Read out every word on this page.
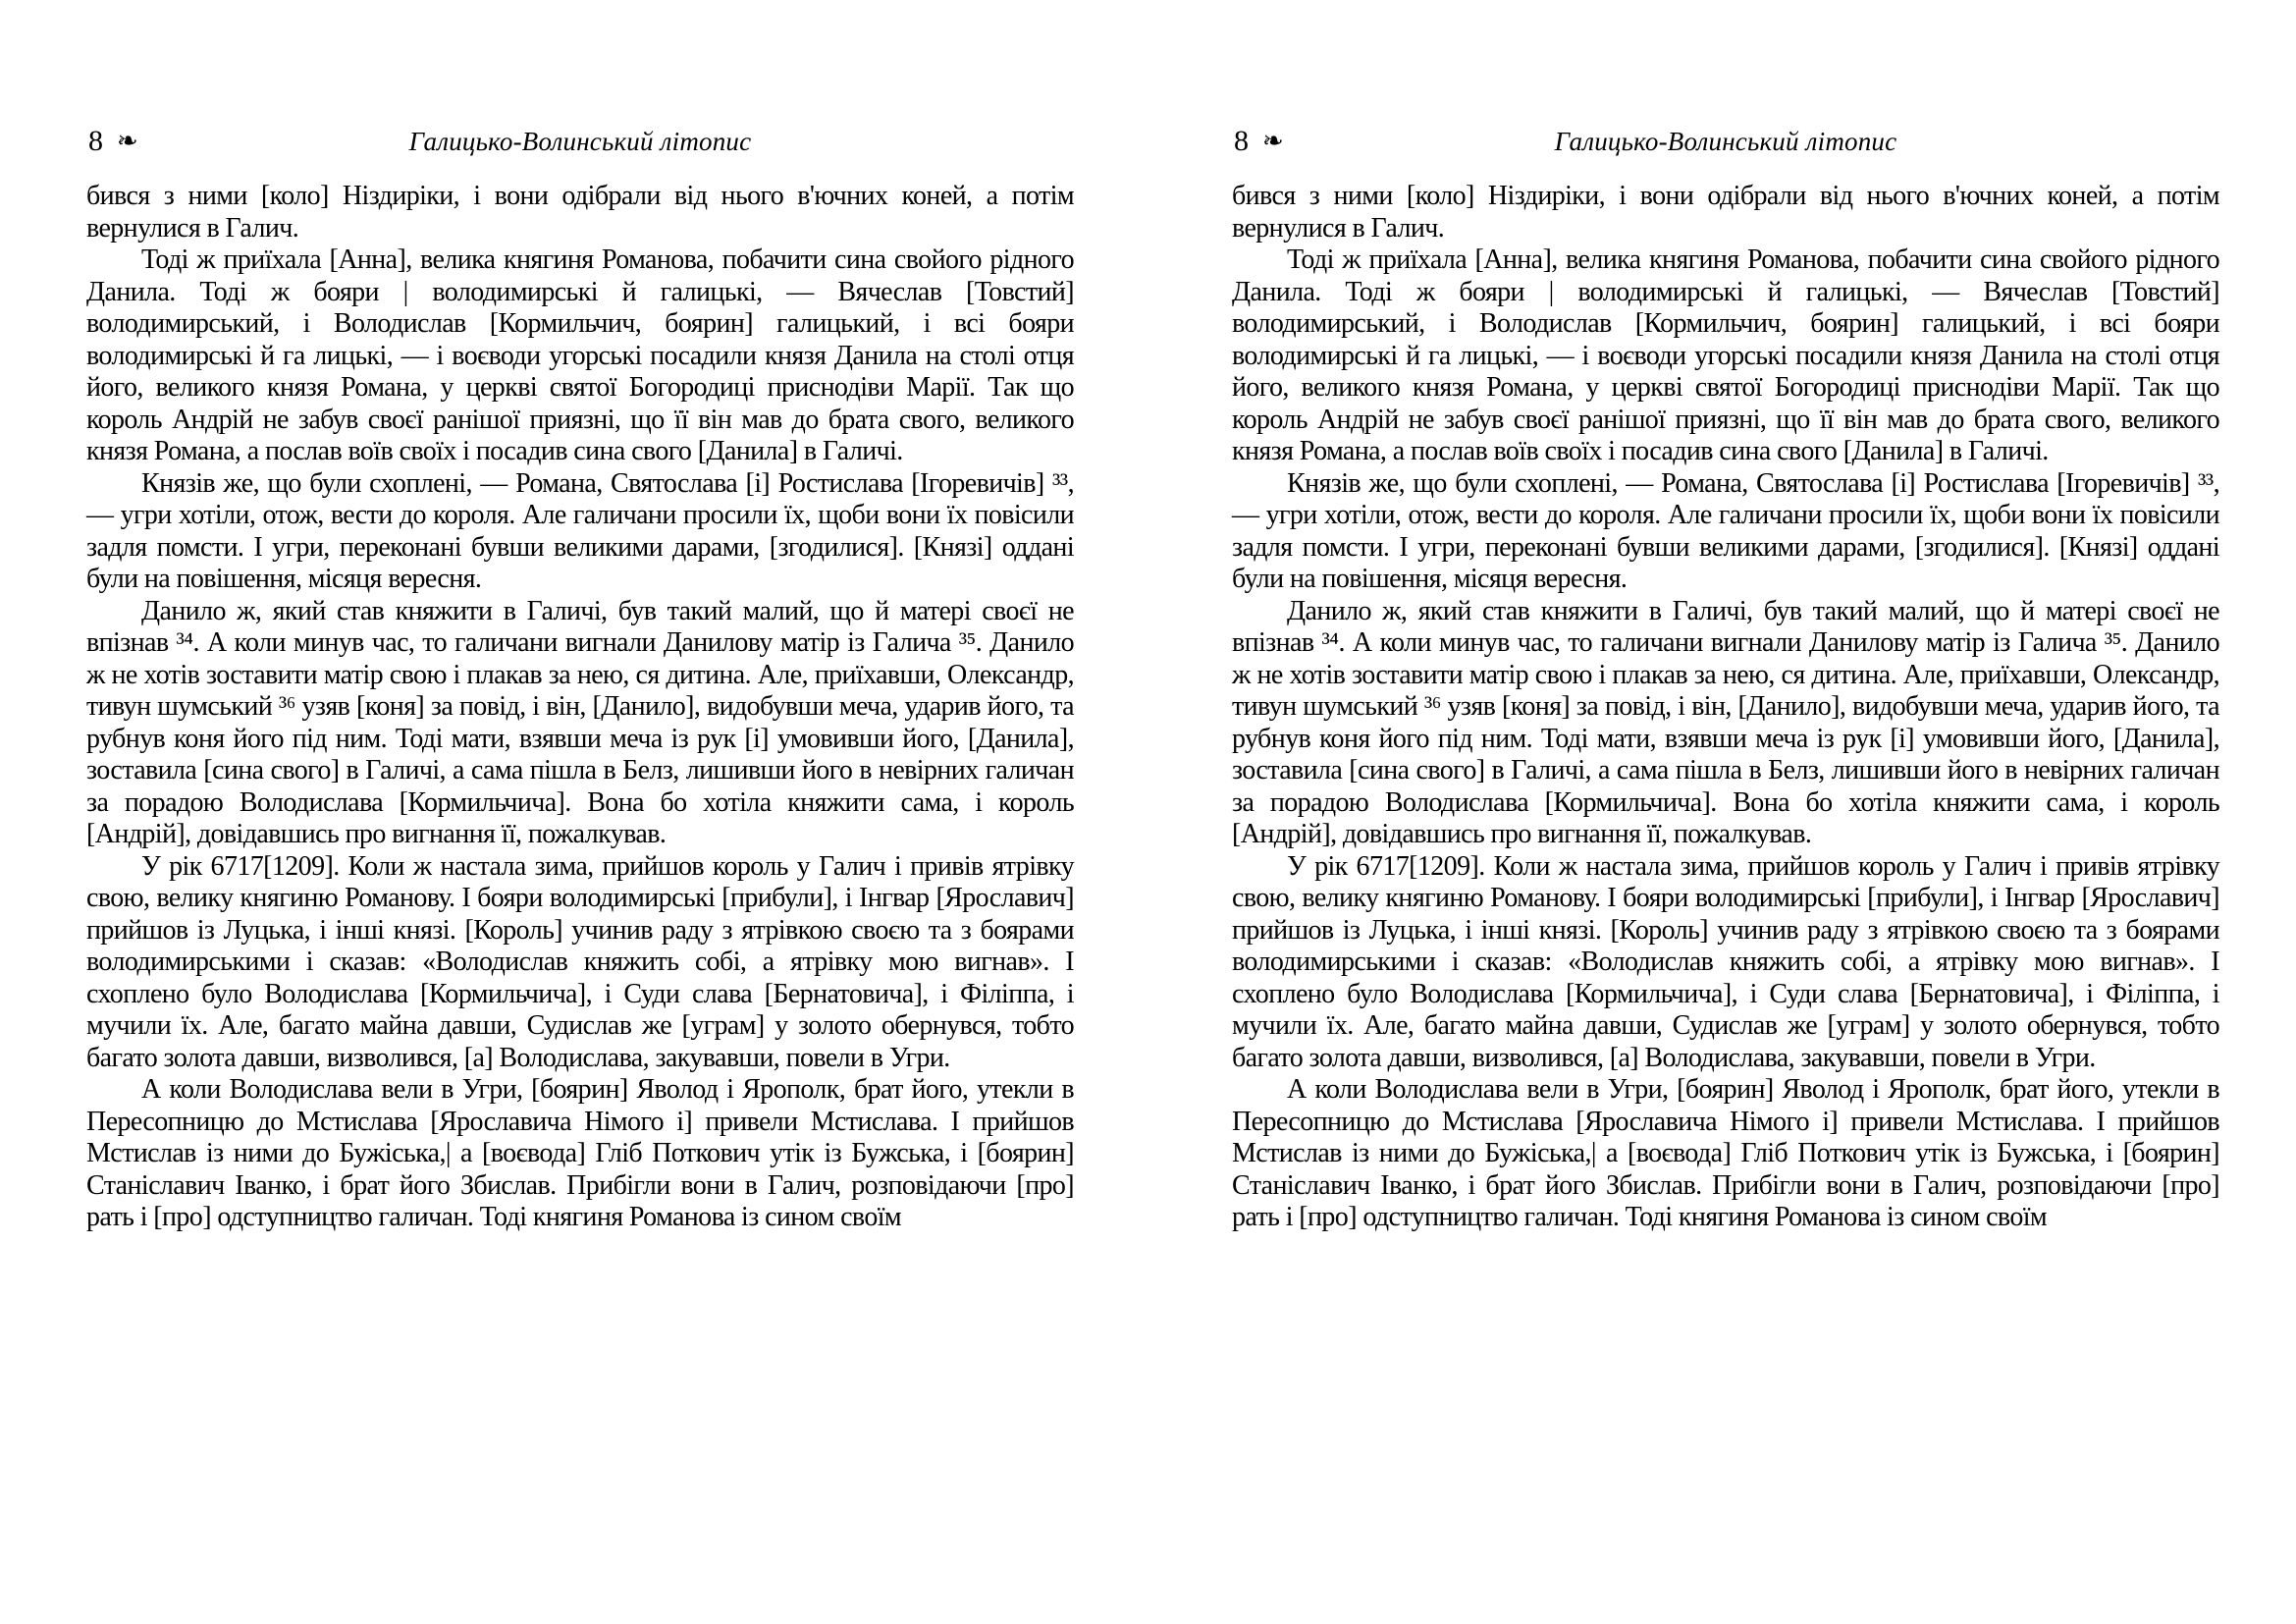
8 ❧	Галицько-Волинський літопис

бився з ними [коло] Ніздиріки, і вони одібрали від нього в'ючних коней, а потім вернулися в Галич.

Тоді ж приїхала [Анна], велика княгиня Романова, побачити сина свойого рідного Данила. Тоді ж бояри | володимирські й галицькі, — Вячеслав [Товстий] володимирський, і Володислав [Кормильчич, боярин] галицький, і всі бояри володимирські й га лицькі, — і воєводи угорські посадили князя Данила на столі отця його, великого князя Романа, у церкві святої Богородиці приснодіви Марії. Так що король Андрій не забув своєї ранішої приязні, що її він мав до брата свого, великого князя Романа, а послав воїв своїх і посадив сина свого [Данила] в Галичі.

Князів же, що були схоплені, — Романа, Святослава [і] Ростислава [Ігоревичів] ³³, — угри хотіли, отож, вести до короля. Але галичани просили їх, щоби вони їх повісили задля помсти. І угри, переконані бувши великими дарами, [згодилися]. [Князі] оддані були на повішення, місяця вересня.

Данило ж, який став княжити в Галичі, був такий малий, що й матері своєї не впізнав ³⁴. А коли минув час, то галичани вигнали Данилову матір із Галича ³⁵. Данило ж не хотів зоставити матір свою і плакав за нею, ся дитина. Але, приїхавши, Олександр, тивун шумський ³⁶ узяв [коня] за повід, і він, [Данило], видобувши меча, ударив його, та рубнув коня його під ним. Тоді мати, взявши меча із рук [і] умовивши його, [Данила], зоставила [сина свого] в Галичі, а сама пішла в Белз, лишивши його в невірних галичан за порадою Володислава [Кормильчича]. Вона бо хотіла княжити сама, і король [Андрій], довідавшись про вигнання її, пожалкував.

У рік 6717[1209]. Коли ж настала зима, прийшов король у Галич і привів ятрівку свою, велику княгиню Романову. І бояри володимирські [прибули], і Інгвар [Ярославич] прийшов із Луцька, і інші князі. [Король] учинив раду з ятрівкою своєю та з боярами володимирськими і сказав: «Володислав княжить собі, а ятрівку мою вигнав». І схоплено було Володислава [Кормильчича], і Суди слава [Бернатовича], і Філіппа, і мучили їх. Але, багато майна давши, Судислав же [уграм] у золото обернувся, тобто багато золота давши, визволився, [а] Володислава, закувавши, повели в Угри.

А коли Володислава вели в Угри, [боярин] Яволод і Ярополк, брат його, утекли в Пересопницю до Мстислава [Ярославича Німого і] привели Мстислава. І прийшов Мстислав із ними до Бужіська,| а [воєвода] Гліб Поткович утік із Бужська, і [боярин] Станіславич Іванко, і брат його Збислав. Прибігли вони в Галич, розповідаючи [про] рать і [про] одступництво галичан. Тоді княгиня Романова із сином своїм

8 ❧	Галицько-Волинський літопис

бився з ними [коло] Ніздиріки, і вони одібрали від нього в'ючних коней, а потім вернулися в Галич.

Тоді ж приїхала [Анна], велика княгиня Романова, побачити сина свойого рідного Данила. Тоді ж бояри | володимирські й галицькі, — Вячеслав [Товстий] володимирський, і Володислав [Кормильчич, боярин] галицький, і всі бояри володимирські й га лицькі, — і воєводи угорські посадили князя Данила на столі отця його, великого князя Романа, у церкві святої Богородиці приснодіви Марії. Так що король Андрій не забув своєї ранішої приязні, що її він мав до брата свого, великого князя Романа, а послав воїв своїх і посадив сина свого [Данила] в Галичі.

Князів же, що були схоплені, — Романа, Святослава [і] Ростислава [Ігоревичів] ³³, — угри хотіли, отож, вести до короля. Але галичани просили їх, щоби вони їх повісили задля помсти. І угри, переконані бувши великими дарами, [згодилися]. [Князі] оддані були на повішення, місяця вересня.

Данило ж, який став княжити в Галичі, був такий малий, що й матері своєї не впізнав ³⁴. А коли минув час, то галичани вигнали Данилову матір із Галича ³⁵. Данило ж не хотів зоставити матір свою і плакав за нею, ся дитина. Але, приїхавши, Олександр, тивун шумський ³⁶ узяв [коня] за повід, і він, [Данило], видобувши меча, ударив його, та рубнув коня його під ним. Тоді мати, взявши меча із рук [і] умовивши його, [Данила], зоставила [сина свого] в Галичі, а сама пішла в Белз, лишивши його в невірних галичан за порадою Володислава [Кормильчича]. Вона бо хотіла княжити сама, і король [Андрій], довідавшись про вигнання її, пожалкував.

У рік 6717[1209]. Коли ж настала зима, прийшов король у Галич і привів ятрівку свою, велику княгиню Романову. І бояри володимирські [прибули], і Інгвар [Ярославич] прийшов із Луцька, і інші князі. [Король] учинив раду з ятрівкою своєю та з боярами володимирськими і сказав: «Володислав княжить собі, а ятрівку мою вигнав». І схоплено було Володислава [Кормильчича], і Суди слава [Бернатовича], і Філіппа, і мучили їх. Але, багато майна давши, Судислав же [уграм] у золото обернувся, тобто багато золота давши, визволився, [а] Володислава, закувавши, повели в Угри.

А коли Володислава вели в Угри, [боярин] Яволод і Ярополк, брат його, утекли в Пересопницю до Мстислава [Ярославича Німого і] привели Мстислава. І прийшов Мстислав із ними до Бужіська,| а [воєвода] Гліб Поткович утік із Бужська, і [боярин] Станіславич Іванко, і брат його Збислав. Прибігли вони в Галич, розповідаючи [про] рать і [про] одступництво галичан. Тоді княгиня Романова із сином своїм
